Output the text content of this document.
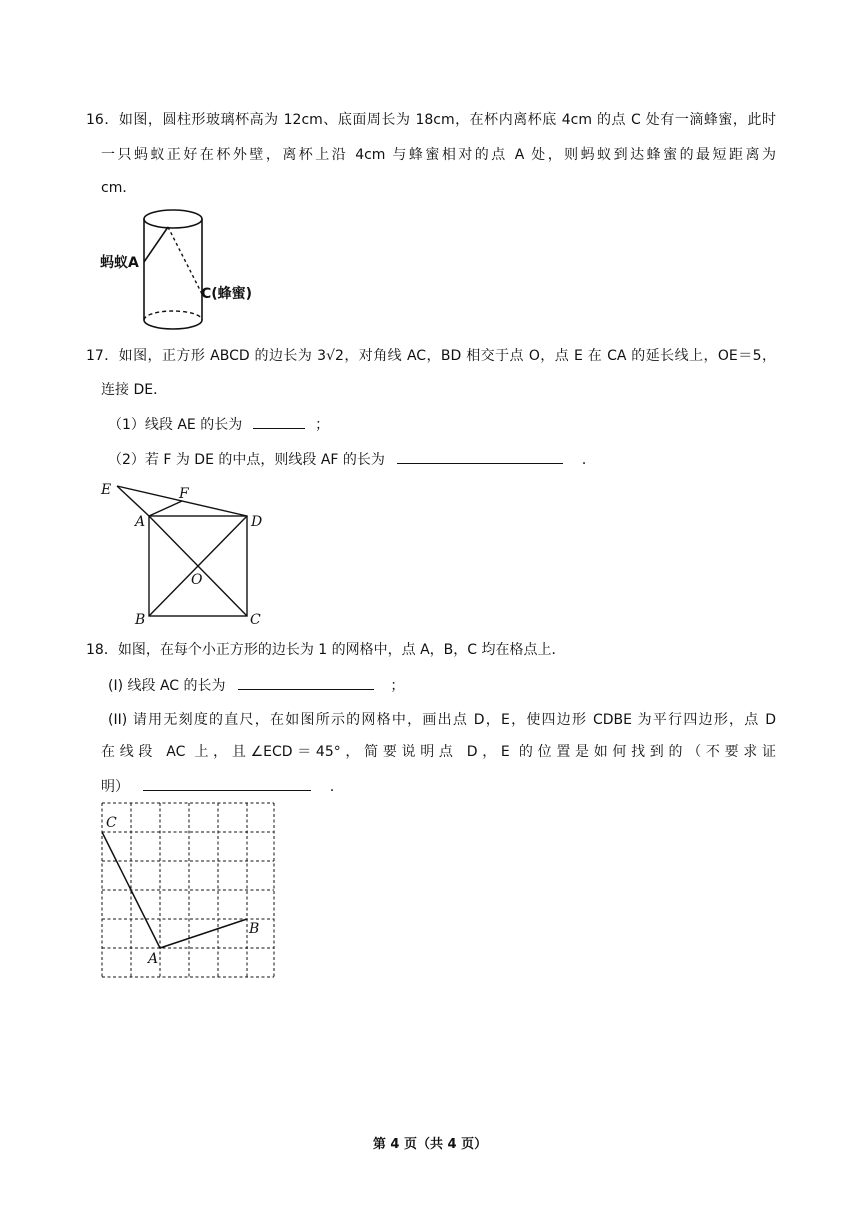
16．如图，圆柱形玻璃杯高为 12cm、底面周长为 18cm，在杯内离杯底 4cm 的点 C 处有一滴蜂蜜，此时
一只蚂蚁正好在杯外壁，离杯上沿 4cm 与蜂蜜相对的点 A 处，则蚂蚁到达蜂蜜的最短距离为
cm．
蚂蚁A
C(蜂蜜)
17．如图，正方形 ABCD 的边长为 3√2，对角线 AC，BD 相交于点 O，点 E 在 CA 的延长线上，OE＝5，
连接 DE．
（1）线段 AE 的长为	；
（2）若 F 为 DE 的中点，则线段 AF 的长为	．
E	F
A	D
O
B	C
18．如图，在每个小正方形的边长为 1 的网格中，点 A，B，C 均在格点上．
(I) 线段 AC 的长为	；
(II) 请用无刻度的直尺，在如图所示的网格中，画出点 D，E，使四边形 CDBE 为平行四边形，点 D
在线段 AC 上，且∠ECD＝45°，简要说明点 D，E 的位置是如何找到的（不要求证
明）	．
C
A
B
第 4 页（共 4 页）
